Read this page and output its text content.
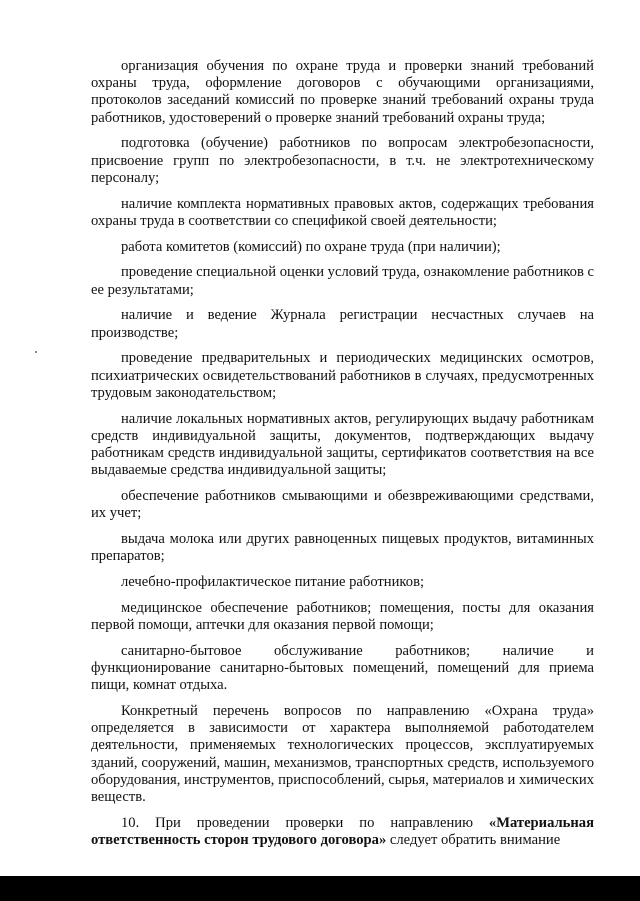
организация обучения по охране труда и проверки знаний требований охраны труда, оформление договоров с обучающими организациями, протоколов заседаний комиссий по проверке знаний требований охраны труда работников, удостоверений о проверке знаний требований охраны труда;

подготовка (обучение) работников по вопросам электробезопасности, присвоение групп по электробезопасности, в т.ч. не электротехническому персоналу;

наличие комплекта нормативных правовых актов, содержащих требования охраны труда в соответствии со спецификой своей деятельности;

работа комитетов (комиссий) по охране труда (при наличии);

проведение специальной оценки условий труда, ознакомление работников с ее результатами;

наличие и ведение Журнала регистрации несчастных случаев на производстве;

проведение предварительных и периодических медицинских осмотров, психиатрических освидетельствований работников в случаях, предусмотренных трудовым законодательством;

наличие локальных нормативных актов, регулирующих выдачу работникам средств индивидуальной защиты, документов, подтверждающих выдачу работникам средств индивидуальной защиты, сертификатов соответствия на все выдаваемые средства индивидуальной защиты;

обеспечение работников смывающими и обезвреживающими средствами, их учет;

выдача молока или других равноценных пищевых продуктов, витаминных препаратов;

лечебно-профилактическое питание работников;

медицинское обеспечение работников; помещения, посты для оказания первой помощи, аптечки для оказания первой помощи;

санитарно-бытовое обслуживание работников; наличие и функционирование санитарно-бытовых помещений, помещений для приема пищи, комнат отдыха.

Конкретный перечень вопросов по направлению «Охрана труда» определяется в зависимости от характера выполняемой работодателем деятельности, применяемых технологических процессов, эксплуатируемых зданий, сооружений, машин, механизмов, транспортных средств, используемого оборудования, инструментов, приспособлений, сырья, материалов и химических веществ.

10. При проведении проверки по направлению «Материальная ответственность сторон трудового договора» следует обратить внимание
